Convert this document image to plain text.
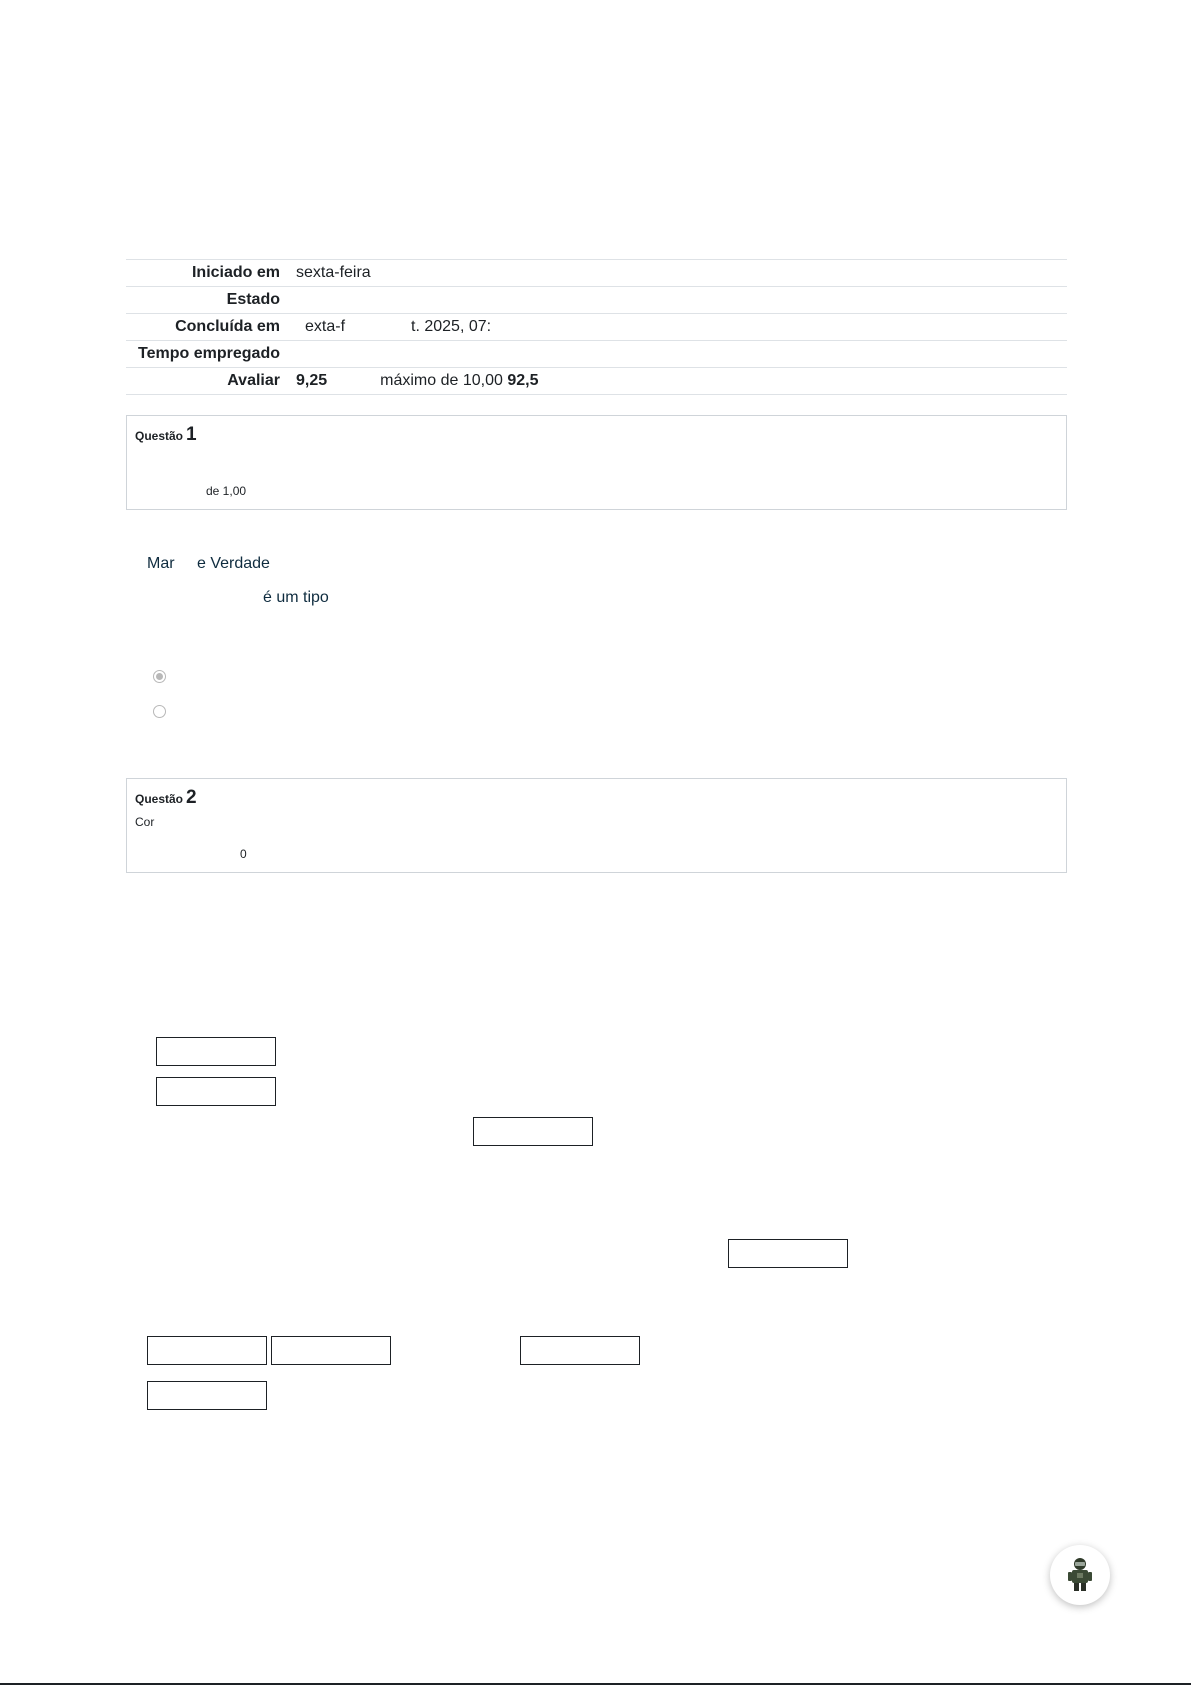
Iniciado em	sexta-feira
Estado	
Concluída em	exta-f t. 2025, 07:
Tempo empregado	
Avaliar	9,25 máximo de 10,00 92,5
Questão 1
de 1,00
Mar e Verdade
é um tipo
Questão 2
Cor
0
